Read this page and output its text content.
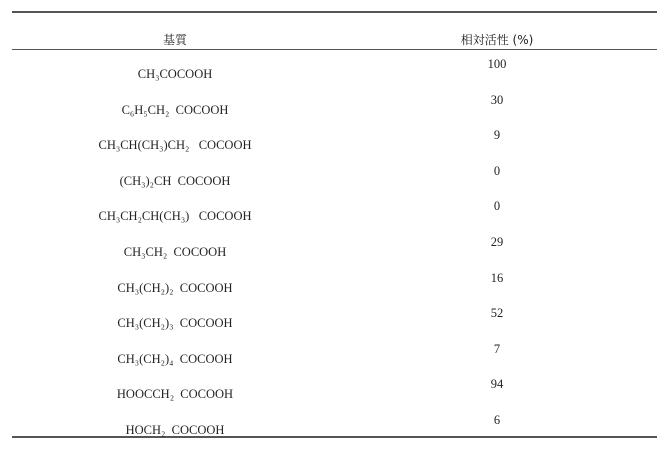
基質	相対活性 (%)
CH₃COCOOH
100
C₆H₅CH₂  COCOOH
30
CH₃CH(CH₃)CH₂   COCOOH
9
(CH₃)₂CH  COCOOH
0
CH₃CH₂CH(CH₃)   COCOOH
0
CH₃CH₂  COCOOH
29
CH₃(CH₂)₂  COCOOH
16
CH₃(CH₂)₃  COCOOH
52
CH₃(CH₂)₄  COCOOH
7
HOOCCH₂  COCOOH
94
HOCH₂  COCOOH
6
